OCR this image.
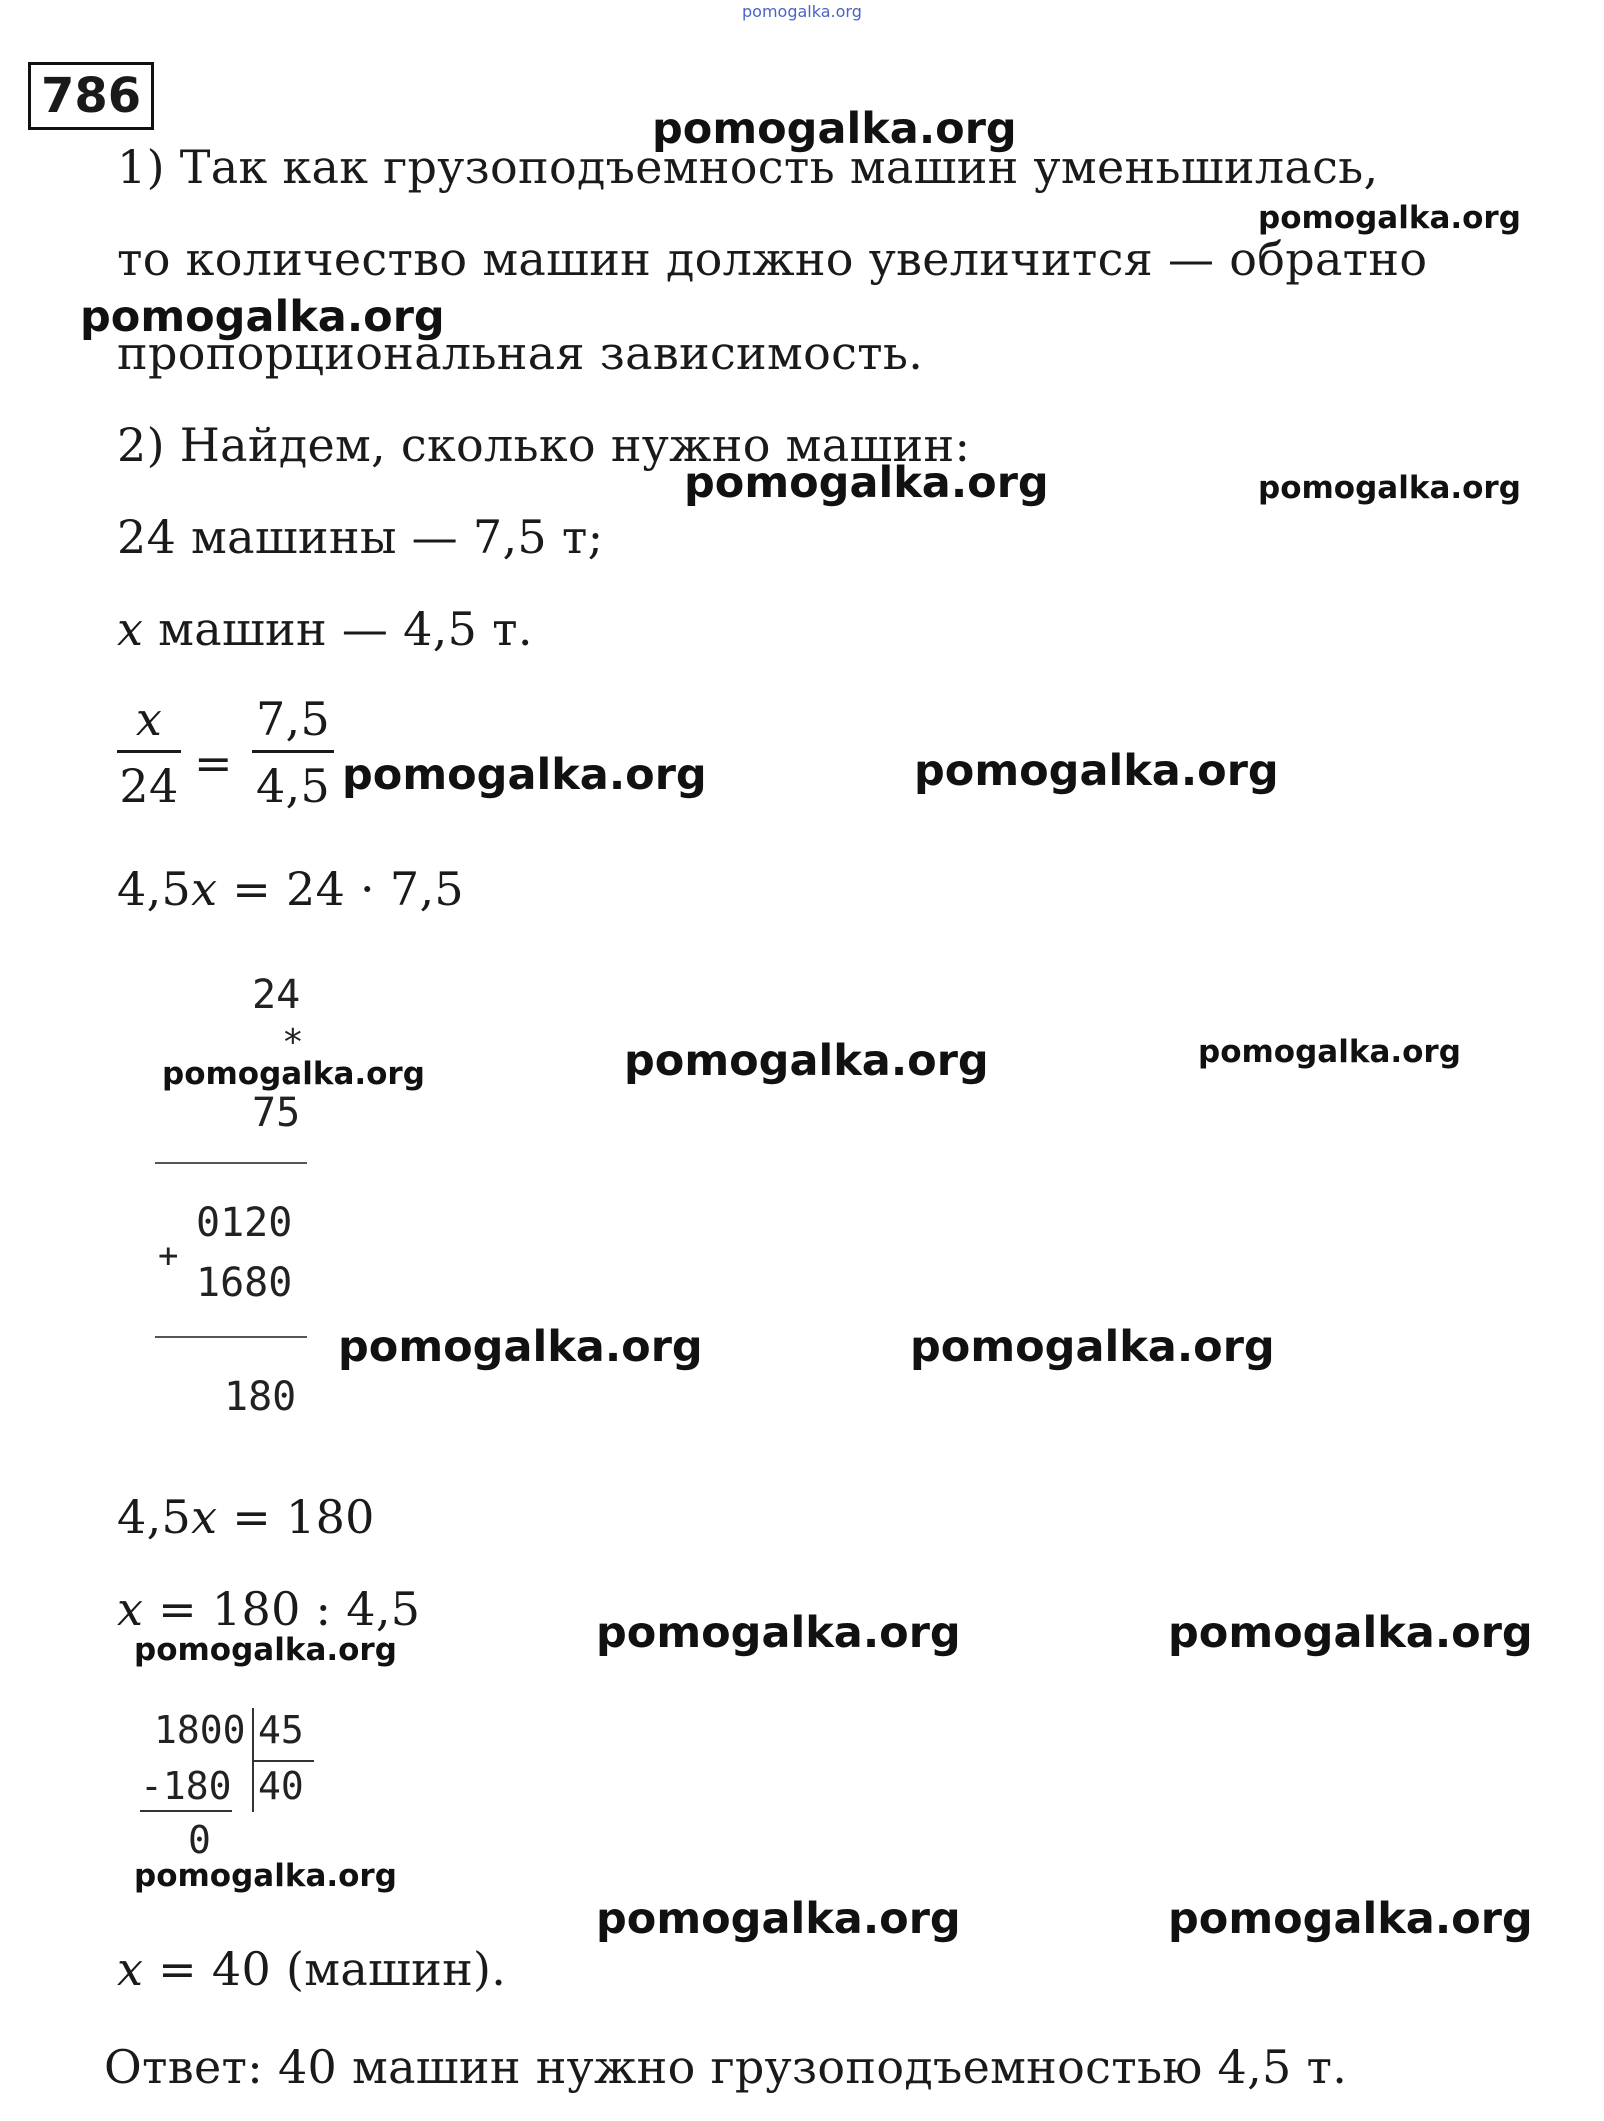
pomogalka.org
786
1) Так как грузоподъемность машин уменьшилась,
то количество машин должно увеличится — обратно
пропорциональная зависимость.
2) Найдем, сколько нужно машин:
24 машины — 7,5 т;
x машин — 4,5 т.
x
24 =
7,5
4,5
4,5x = 24 · 7,5
24
*
75
0120
+
1680
180
4,5x = 180
x = 180 : 4,5
1800 45
-180 40
0
x = 40 (машин).
Ответ: 40 машин нужно грузоподъемностью 4,5 т.
pomogalka.org
pomogalka.org
pomogalka.org
pomogalka.org	pomogalka.org
pomogalka.org	pomogalka.org
pomogalka.org	pomogalka.org	pomogalka.org
pomogalka.org	pomogalka.org
pomogalka.org	pomogalka.org	pomogalka.org
pomogalka.org
pomogalka.org	pomogalka.org
